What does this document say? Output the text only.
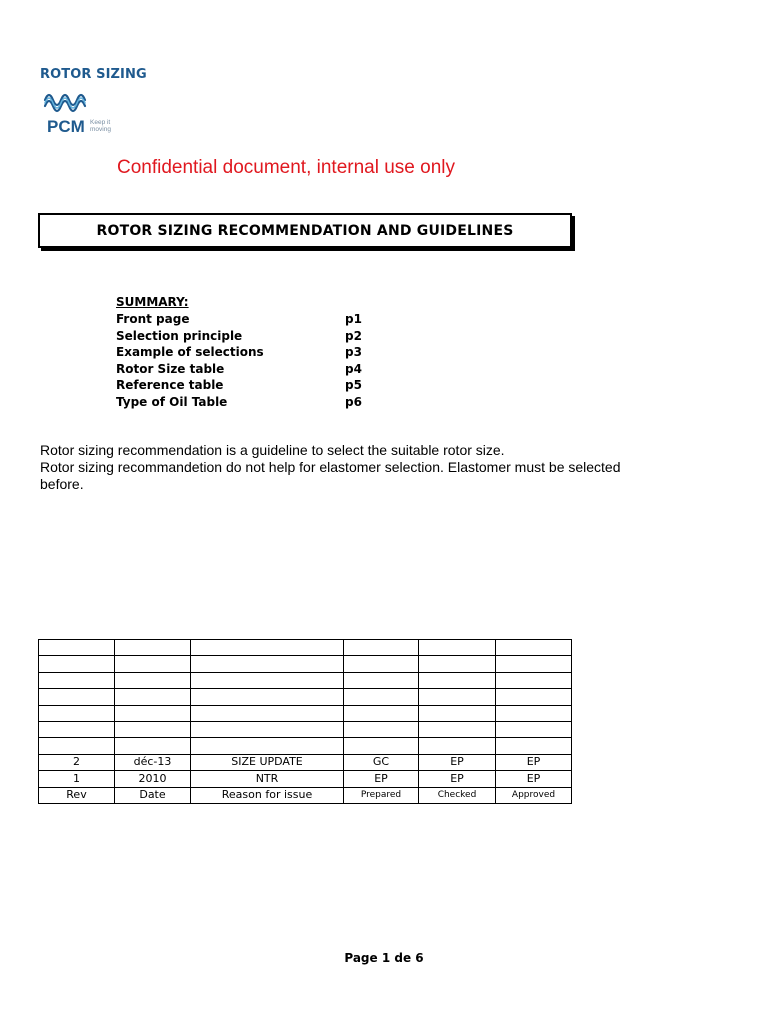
ROTOR SIZING
PCM Keep it
moving
Confidential document, internal use only
ROTOR SIZING RECOMMENDATION AND GUIDELINES
SUMMARY:
Front page	p1
Selection principle	p2
Example of selections	p3
Rotor Size table	p4
Reference table	p5
Type of Oil Table	p6

Rotor sizing recommendation is a guideline to select the suitable rotor size.

Rotor sizing recommandetion do not help for elastomer selection. Elastomer must be selected before.

2	déc-13	SIZE UPDATE	GC	EP	EP
1	2010	NTR	EP	EP	EP
Rev	Date	Reason for issue	Prepared	Checked	Approved
Page 1 de 6
